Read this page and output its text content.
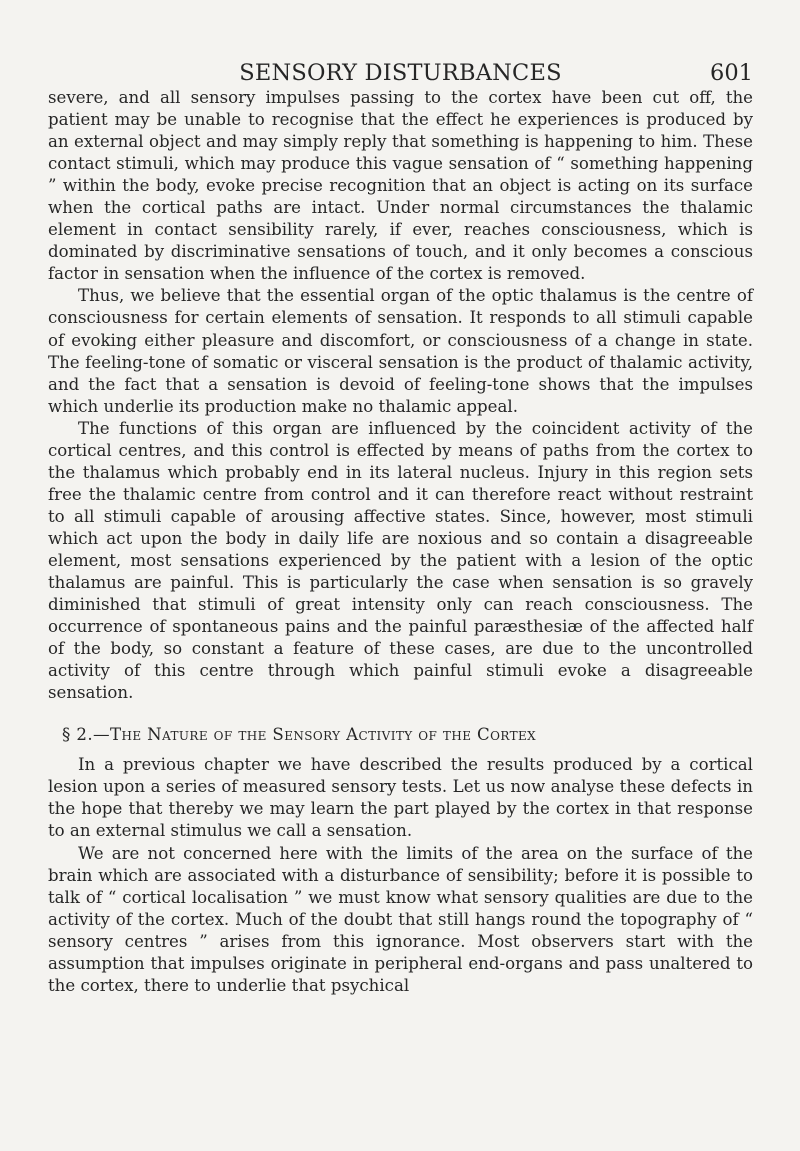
SENSORY DISTURBANCES	601

severe, and all sensory impulses passing to the cortex have been cut off, the patient may be unable to recognise that the effect he experiences is produced by an external object and may simply reply that something is happening to him. These contact stimuli, which may produce this vague sensation of “ something happening ” within the body, evoke precise recognition that an object is acting on its surface when the cortical paths are intact. Under normal circumstances the thalamic element in contact sensibility rarely, if ever, reaches consciousness, which is dominated by discriminative sensations of touch, and it only becomes a conscious factor in sensation when the influence of the cortex is removed.

Thus, we believe that the essential organ of the optic thalamus is the centre of consciousness for certain elements of sensation. It responds to all stimuli capable of evoking either pleasure and discomfort, or consciousness of a change in state. The feeling-tone of somatic or visceral sensation is the product of thalamic activity, and the fact that a sensation is devoid of feeling-tone shows that the impulses which underlie its production make no thalamic appeal.

The functions of this organ are influenced by the coincident activity of the cortical centres, and this control is effected by means of paths from the cortex to the thalamus which probably end in its lateral nucleus. Injury in this region sets free the thalamic centre from control and it can therefore react without restraint to all stimuli capable of arousing affective states. Since, however, most stimuli which act upon the body in daily life are noxious and so contain a disagreeable element, most sensations experienced by the patient with a lesion of the optic thalamus are painful. This is particularly the case when sensation is so gravely diminished that stimuli of great intensity only can reach consciousness. The occurrence of spontaneous pains and the painful paræsthesiæ of the affected half of the body, so constant a feature of these cases, are due to the uncontrolled activity of this centre through which painful stimuli evoke a disagreeable sensation.

§ 2.—The Nature of the Sensory Activity of the Cortex

In a previous chapter we have described the results produced by a cortical lesion upon a series of measured sensory tests. Let us now analyse these defects in the hope that thereby we may learn the part played by the cortex in that response to an external stimulus we call a sensation.

We are not concerned here with the limits of the area on the surface of the brain which are associated with a disturbance of sensibility; before it is possible to talk of “ cortical localisation ” we must know what sensory qualities are due to the activity of the cortex. Much of the doubt that still hangs round the topography of “ sensory centres ” arises from this ignorance. Most observers start with the assumption that impulses originate in peripheral end-organs and pass unaltered to the cortex, there to underlie that psychical
